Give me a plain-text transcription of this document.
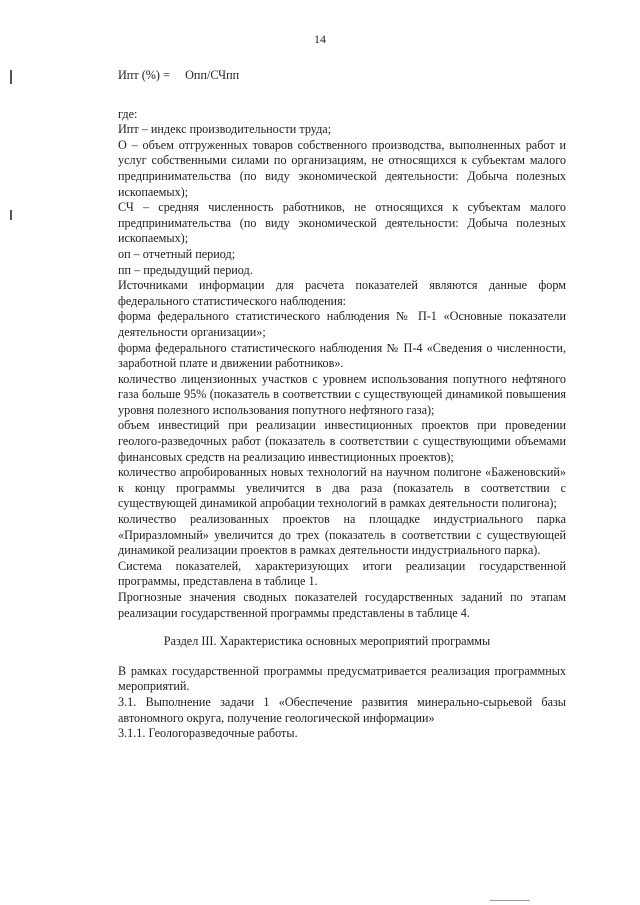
14
Ипт (%) = Опп/СЧпп

где:

Ипт – индекс производительности труда;

О – объем отгруженных товаров собственного производства, выполненных работ и услуг собственными силами по организациям, не относящихся к субъектам малого предпринимательства (по виду экономической деятельности: Добыча полезных ископаемых);

СЧ – средняя численность работников, не относящихся к субъектам малого предпринимательства (по виду экономической деятельности: Добыча полезных ископаемых);

оп – отчетный период;

пп – предыдущий период.

Источниками информации для расчета показателей являются данные форм федерального статистического наблюдения:

форма федерального статистического наблюдения № П-1 «Основные показатели деятельности организации»;

форма федерального статистического наблюдения № П-4 «Сведения о численности, заработной плате и движении работников».

количество лицензионных участков с уровнем использования попутного нефтяного газа больше 95% (показатель в соответствии с существующей динамикой повышения уровня полезного использования попутного нефтяного газа);

объем инвестиций при реализации инвестиционных проектов при проведении геолого-разведочных работ (показатель в соответствии с существующими объемами финансовых средств на реализацию инвестиционных проектов);

количество апробированных новых технологий на научном полигоне «Баженовский» к концу программы увеличится в два раза (показатель в соответствии с существующей динамикой апробации технологий в рамках деятельности полигона);

количество реализованных проектов на площадке индустриального парка «Приразломный» увеличится до трех (показатель в соответствии с существующей динамикой реализации проектов в рамках деятельности индустриального парка).

Система показателей, характеризующих итоги реализации государственной программы, представлена в таблице 1.

Прогнозные значения сводных показателей государственных заданий по этапам реализации государственной программы представлены в таблице 4.

Раздел III. Характеристика основных мероприятий программы

В рамках государственной программы предусматривается реализация программных мероприятий.

3.1. Выполнение задачи 1 «Обеспечение развития минерально-сырьевой базы автономного округа, получение геологической информации»

3.1.1. Геологоразведочные работы.
